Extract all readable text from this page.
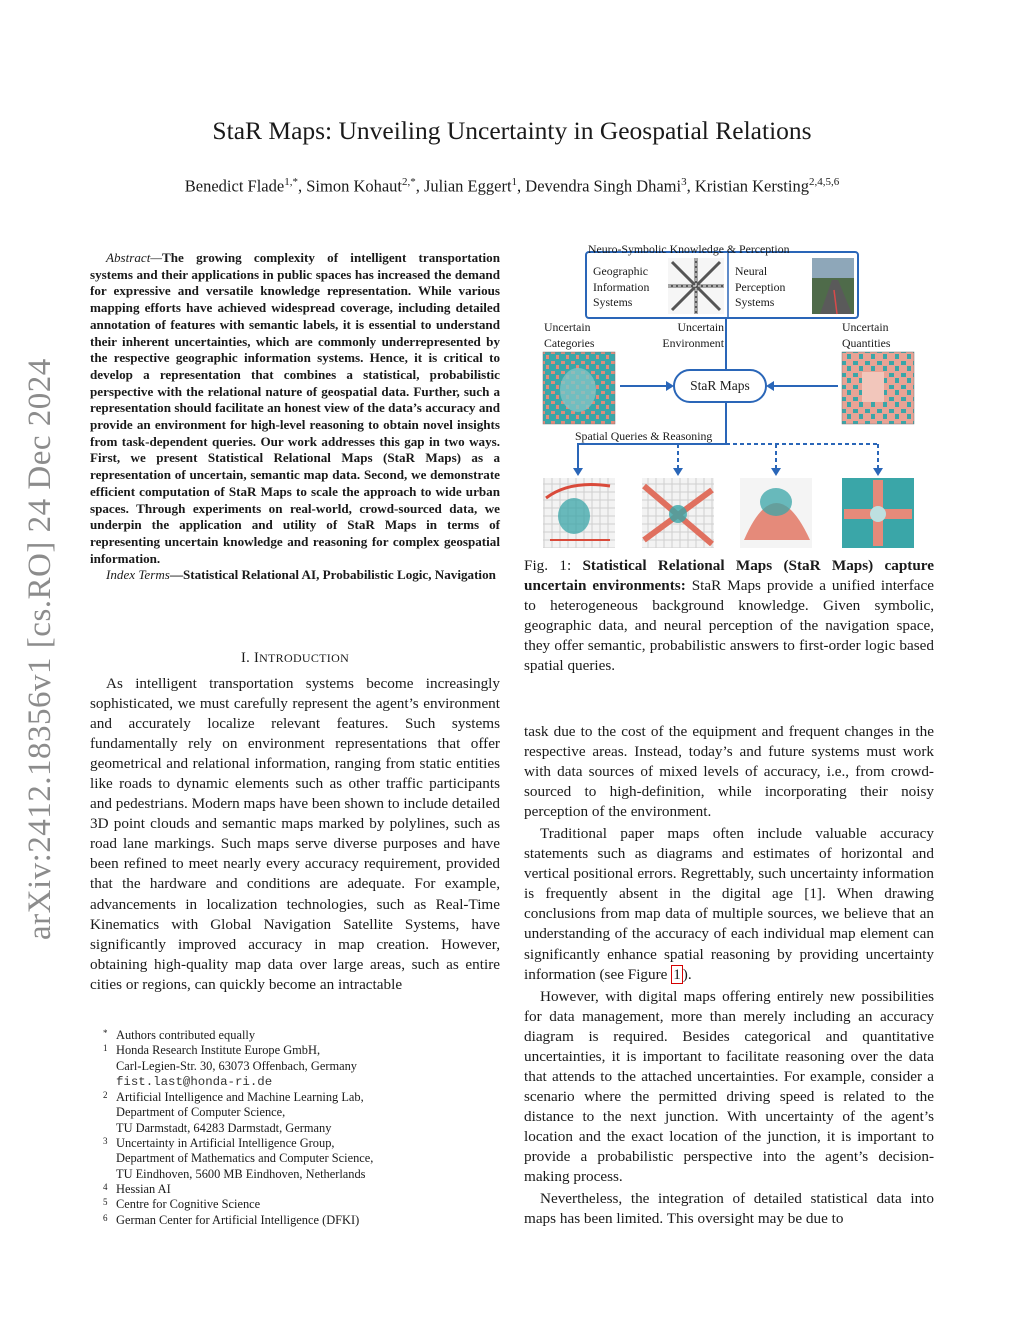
arXiv:2412.18356v1 [cs.RO] 24 Dec 2024
StaR Maps: Unveiling Uncertainty in Geospatial Relations
Benedict Flade$^{1,*}$, Simon Kohaut$^{2,*}$, Julian Eggert$^1$, Devendra Singh Dhami$^3$, Kristian Kersting$^{2,4,5,6}$

Abstract—The growing complexity of intelligent transportation systems and their applications in public spaces has increased the demand for expressive and versatile knowledge representation. While various mapping efforts have achieved widespread coverage, including detailed annotation of features with semantic labels, it is essential to understand their inherent uncertainties, which are commonly underrepresented by the respective geographic information systems. Hence, it is critical to develop a representation that combines a statistical, probabilistic perspective with the relational nature of geospatial data. Further, such a representation should facilitate an honest view of the data’s accuracy and provide an environment for high-level reasoning to obtain novel insights from task-dependent queries. Our work addresses this gap in two ways. First, we present Statistical Relational Maps (StaR Maps) as a representation of uncertain, semantic map data. Second, we demonstrate efficient computation of StaR Maps to scale the approach to wide urban spaces. Through experiments on real-world, crowd-sourced data, we underpin the application and utility of StaR Maps in terms of representing uncertain knowledge and reasoning for complex geospatial information.

Index Terms—Statistical Relational AI, Probabilistic Logic, Navigation

I. INTRODUCTION

As intelligent transportation systems become increasingly sophisticated, we must carefully represent the agent’s environment and accurately localize relevant features. Such systems fundamentally rely on environment representations that offer geometrical and relational information, ranging from static entities like roads to dynamic elements such as other traffic participants and pedestrians. Modern maps have been shown to include detailed 3D point clouds and semantic maps marked by polylines, such as road lane markings. Such maps serve diverse purposes and have been refined to meet nearly every accuracy requirement, provided that the hardware and conditions are adequate. For example, advancements in localization technologies, such as Real-Time Kinematics with Global Navigation Satellite Systems, have significantly improved accuracy in map creation. However, obtaining high-quality map data over large areas, such as entire cities or regions, can quickly become an intractable

* Authors contributed equally
1 Honda Research Institute Europe GmbH,
Carl-Legien-Str. 30, 63073 Offenbach, Germany
fist.last@honda-ri.de
2 Artificial Intelligence and Machine Learning Lab,
Department of Computer Science,
TU Darmstadt, 64283 Darmstadt, Germany
3 Uncertainty in Artificial Intelligence Group,
Department of Mathematics and Computer Science,
TU Eindhoven, 5600 MB Eindhoven, Netherlands
4 Hessian AI
5 Centre for Cognitive Science
6 German Center for Artificial Intelligence (DFKI)
Neuro-Symbolic Knowledge & Perception
Geographic
Information
Systems
Neural
Perception
Systems
Uncertain
Categories
Uncertain
Environment
Uncertain
Quantities
StaR Maps
Spatial Queries & Reasoning
Fig. 1: Statistical Relational Maps (StaR Maps) capture uncertain environments: StaR Maps provide a unified interface to heterogeneous background knowledge. Given symbolic, geographic data, and neural perception of the navigation space, they offer semantic, probabilistic answers to first-order logic based spatial queries.

task due to the cost of the equipment and frequent changes in the respective areas. Instead, today’s and future systems must work with data sources of mixed levels of accuracy, i.e., from crowd-sourced to high-definition, while incorporating their noisy perception of the environment.

Traditional paper maps often include valuable accuracy statements such as diagrams and estimates of horizontal and vertical positional errors. Regrettably, such uncertainty information is frequently absent in the digital age [1]. When drawing conclusions from map data of multiple sources, we believe that an understanding of the accuracy of each individual map element can significantly enhance spatial reasoning by providing uncertainty information (see Figure 1 ).

However, with digital maps offering entirely new possibilities for data management, more than merely including an accuracy diagram is required. Besides categorical and quantitative uncertainties, it is important to facilitate reasoning over the data that attends to the attached uncertainties. For example, consider a scenario where the permitted driving speed is related to the distance to the next junction. With uncertainty of the agent’s location and the exact location of the junction, it is important to provide a probabilistic perspective into the agent’s decision-making process.

Nevertheless, the integration of detailed statistical data into maps has been limited. This oversight may be due to
